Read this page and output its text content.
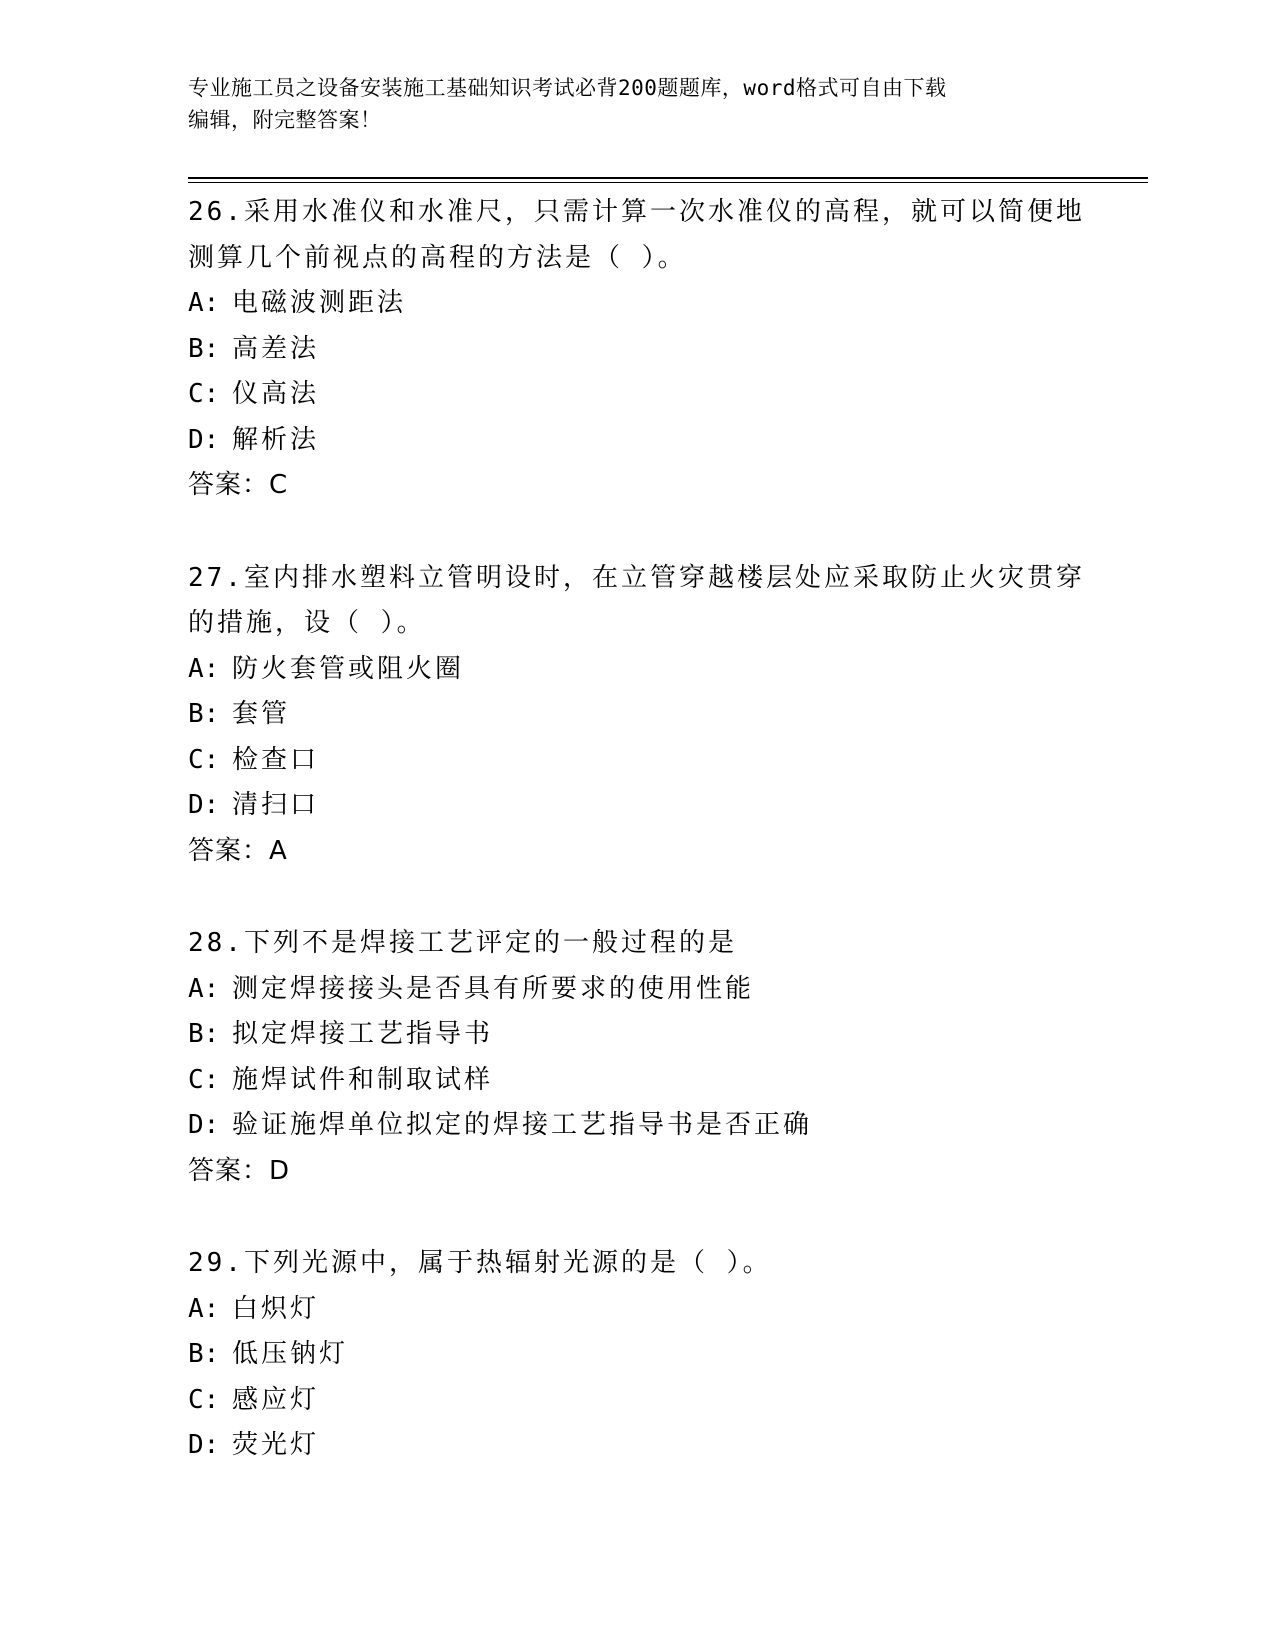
专业施工员之设备安装施工基础知识考试必背200题题库，word格式可自由下载
编辑，附完整答案！
26.采用水准仪和水准尺，只需计算一次水准仪的高程，就可以简便地测算几个前视点的高程的方法是（ ）。
A: 电磁波测距法
B: 高差法
C: 仪高法
D: 解析法
答案：C
27.室内排水塑料立管明设时，在立管穿越楼层处应采取防止火灾贯穿的措施，设（ ）。
A: 防火套管或阻火圈
B: 套管
C: 检查口
D: 清扫口
答案：A
28.下列不是焊接工艺评定的一般过程的是
A: 测定焊接接头是否具有所要求的使用性能
B: 拟定焊接工艺指导书
C: 施焊试件和制取试样
D: 验证施焊单位拟定的焊接工艺指导书是否正确
答案：D
29.下列光源中，属于热辐射光源的是（ ）。
A: 白炽灯
B: 低压钠灯
C: 感应灯
D: 荧光灯
